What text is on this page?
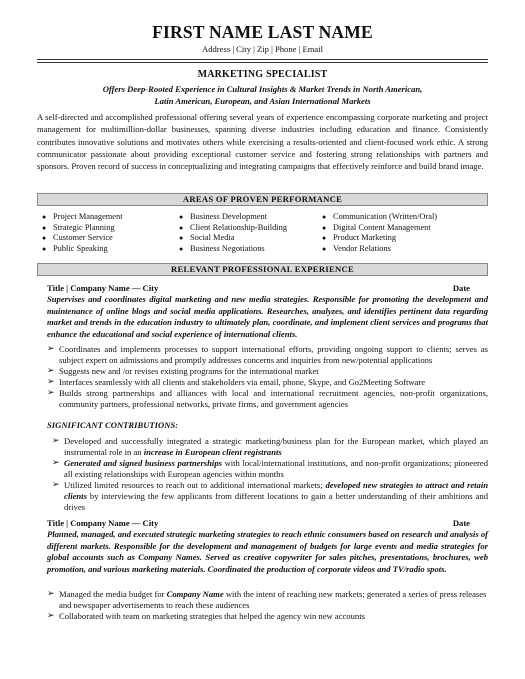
FIRST NAME LAST NAME
Address | City | Zip | Phone | Email
MARKETING SPECIALIST
Offers Deep-Rooted Experience in Cultural Insights & Market Trends in North American,
Latin American, European, and Asian International Markets
A self-directed and accomplished professional offering several years of experience encompassing corporate marketing and project management for multimillion-dollar businesses, spanning diverse industries including education and finance. Consistently contributes innovative solutions and motivates others while exercising a results-oriented and client-focused work ethic. A strong communicator passionate about providing exceptional customer service and fostering strong relationships with partners and sponsors. Proven record of success in conceptualizing and integrating campaigns that effectively reinforce and build brand image.
AREAS OF PROVEN PERFORMANCE
● Project Management
● Strategic Planning
● Customer Service
● Public Speaking
● Business Development
● Client Relationship-Building
● Social Media
● Business Negotiations
● Communication (Written/Oral)
● Digital Content Management
● Product Marketing
● Vendor Relations
RELEVANT PROFESSIONAL EXPERIENCE
Title | Company Name — City	Date
Supervises and coordinates digital marketing and new media strategies. Responsible for promoting the development and maintenance of online blogs and social media applications. Researches, analyzes, and identifies pertinent data regarding market and trends in the education industry to ultimately plan, coordinate, and implement client services and programs that enhance the educational and social experience of international clients.
➢ Coordinates and implements processes to support international efforts, providing ongoing support to clients; serves as subject expert on admissions and promptly addresses concerns and inquiries from new/potential applications
➢ Suggests new and /or revises existing programs for the international market
➢ Interfaces seamlessly with all clients and stakeholders via email, phone, Skype, and Go2Meeting Software
➢ Builds strong partnerships and alliances with local and international recruitment agencies, non-profit organizations, community partners, professional networks, private firms, and government agencies
SIGNIFICANT CONTRIBUTIONS:
➢ Developed and successfully integrated a strategic marketing/business plan for the European market, which played an instrumental role in an increase in European client registrants
➢ Generated and signed business partnerships with local/international institutions, and non-profit organizations; pioneered all existing relationships with European agencies within months
➢ Utilized limited resources to reach out to additional international markets; developed new strategies to attract and retain clients by interviewing the few applicants from different locations to gain a better understanding of their ambitions and drives
Title | Company Name — City	Date
Planned, managed, and executed strategic marketing strategies to reach ethnic consumers based on research and analysis of different markets. Responsible for the development and management of budgets for large events and media strategies for global accounts such as Company Names. Served as creative copywriter for sales pitches, presentations, brochures, web promotion, and various marketing materials. Coordinated the production of corporate videos and TV/radio spots.
➢ Managed the media budget for Company Name with the intent of reaching new markets; generated a series of press releases and newspaper advertisements to reach these audiences
➢ Collaborated with team on marketing strategies that helped the agency win new accounts
